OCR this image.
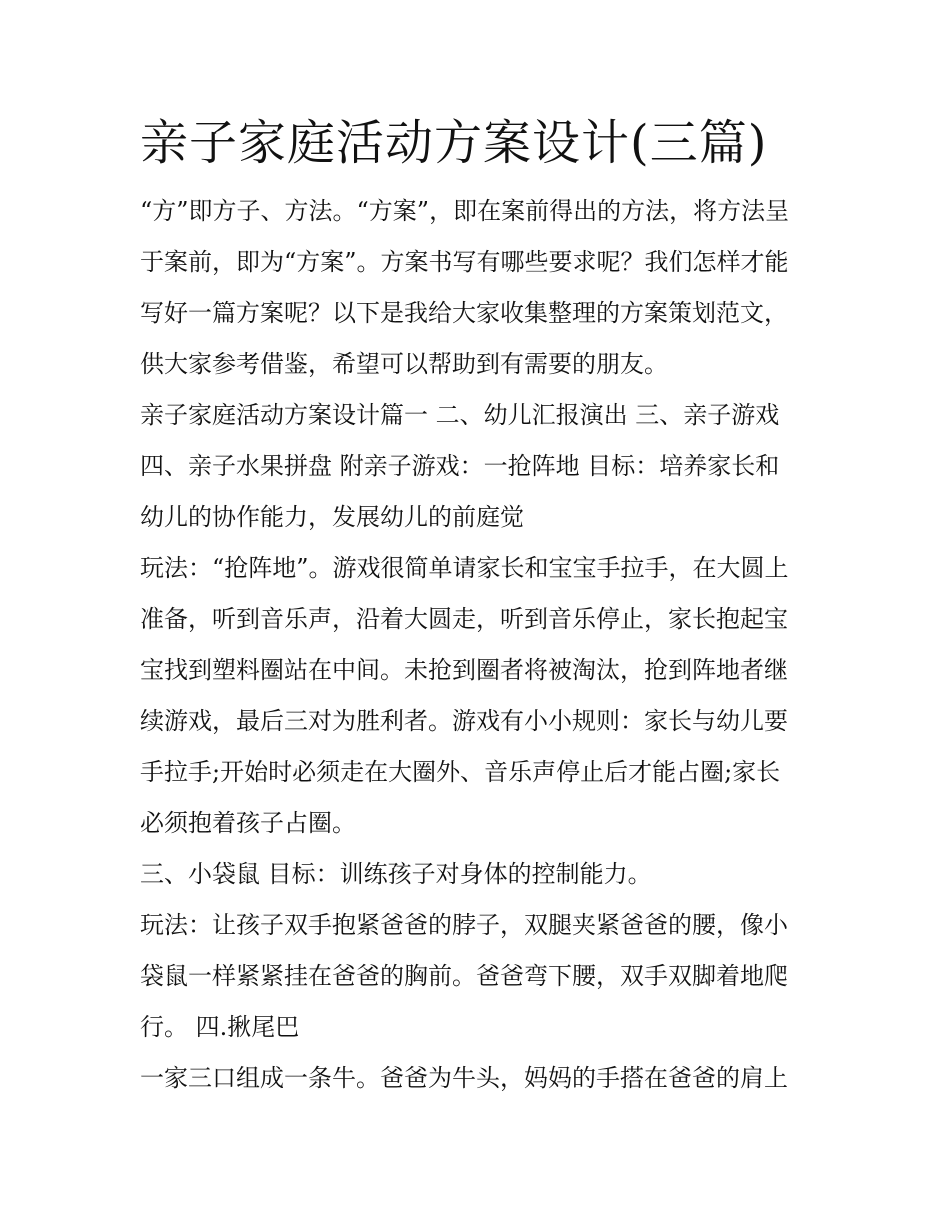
亲子家庭活动方案设计(三篇)

“方”即方子、方法。“方案”，即在案前得出的方法，将方法呈
于案前，即为“方案”。方案书写有哪些要求呢？我们怎样才能
写好一篇方案呢？以下是我给大家收集整理的方案策划范文，
供大家参考借鉴，希望可以帮助到有需要的朋友。

亲子家庭活动方案设计篇一 二、幼儿汇报演出 三、亲子游戏
四、亲子水果拼盘 附亲子游戏：一抢阵地 目标：培养家长和
幼儿的协作能力，发展幼儿的前庭觉

玩法：“抢阵地”。游戏很简单请家长和宝宝手拉手，在大圆上
准备，听到音乐声，沿着大圆走，听到音乐停止，家长抱起宝
宝找到塑料圈站在中间。未抢到圈者将被淘汰，抢到阵地者继
续游戏，最后三对为胜利者。游戏有小小规则：家长与幼儿要
手拉手;开始时必须走在大圈外、音乐声停止后才能占圈;家长
必须抱着孩子占圈。

三、小袋鼠 目标：训练孩子对身体的控制能力。

玩法：让孩子双手抱紧爸爸的脖子，双腿夹紧爸爸的腰，像小
袋鼠一样紧紧挂在爸爸的胸前。爸爸弯下腰，双手双脚着地爬
行。 四.揪尾巴

一家三口组成一条牛。爸爸为牛头，妈妈的手搭在爸爸的肩上
